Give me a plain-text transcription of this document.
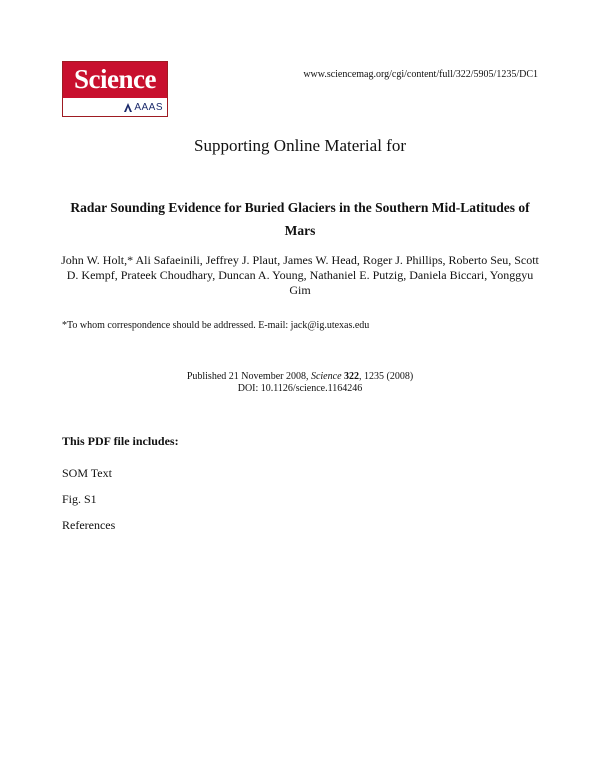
Science
AAAS
www.sciencemag.org/cgi/content/full/322/5905/1235/DC1
Supporting Online Material for
Radar Sounding Evidence for Buried Glaciers in the Southern Mid-Latitudes of Mars
John W. Holt,* Ali Safaeinili, Jeffrey J. Plaut, James W. Head, Roger J. Phillips, Roberto Seu, Scott D. Kempf, Prateek Choudhary, Duncan A. Young, Nathaniel E. Putzig, Daniela Biccari, Yonggyu Gim
*To whom correspondence should be addressed. E-mail: jack@ig.utexas.edu
Published 21 November 2008, Science 322, 1235 (2008)
DOI: 10.1126/science.1164246
This PDF file includes:
SOM Text
Fig. S1
References
